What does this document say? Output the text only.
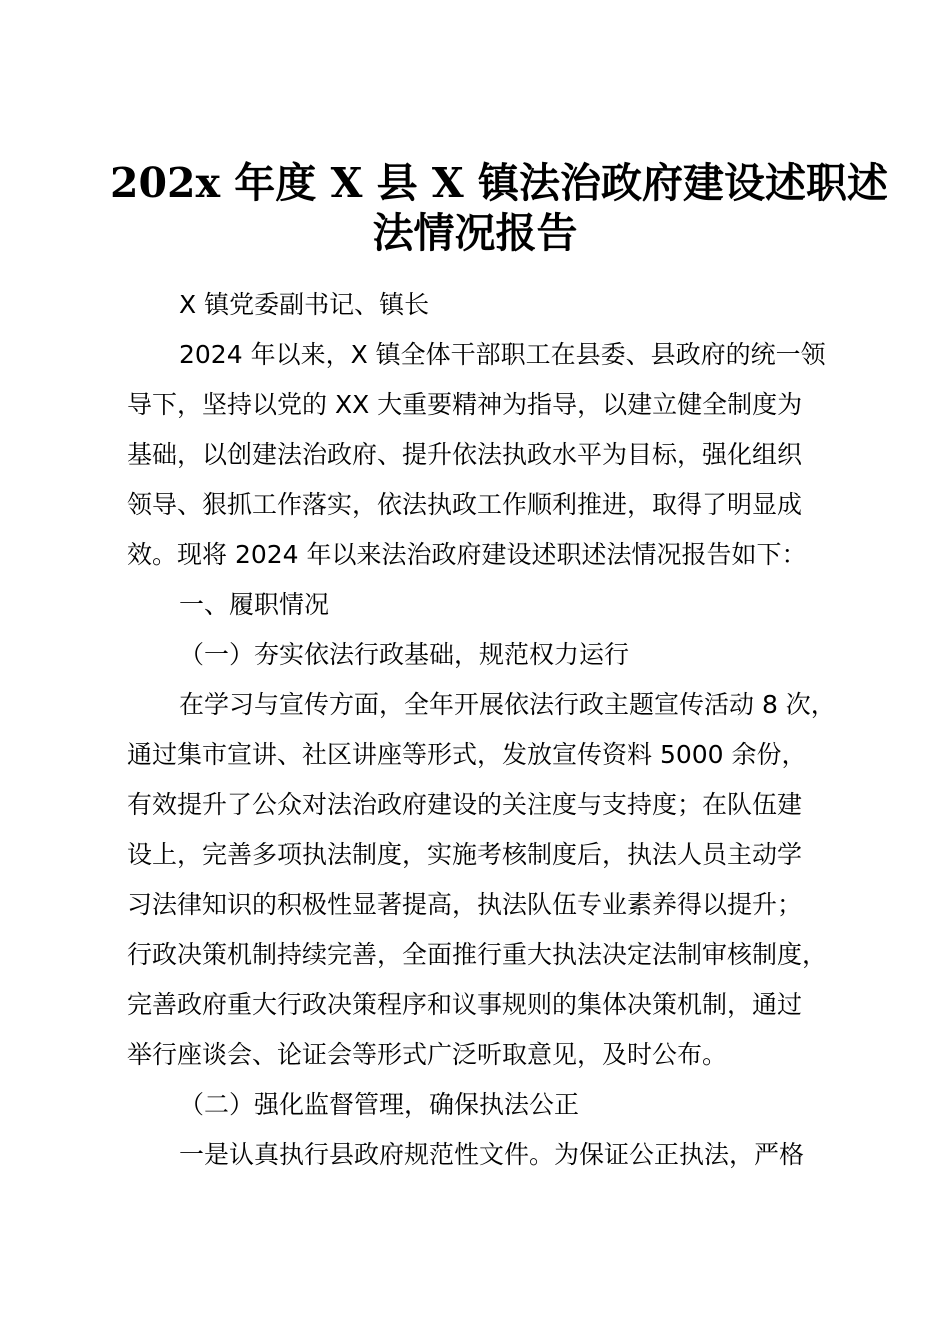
202x 年度 X 县 X 镇法治政府建设述职述
法情况报告

X 镇党委副书记、镇长

2024 年以来，X 镇全体干部职工在县委、县政府的统一领

导下，坚持以党的 XX 大重要精神为指导，以建立健全制度为

基础，以创建法治政府、提升依法执政水平为目标，强化组织

领导、狠抓工作落实，依法执政工作顺利推进，取得了明显成

效。现将 2024 年以来法治政府建设述职述法情况报告如下：

一、履职情况

（一）夯实依法行政基础，规范权力运行

在学习与宣传方面，全年开展依法行政主题宣传活动 8 次，

通过集市宣讲、社区讲座等形式，发放宣传资料 5000 余份，

有效提升了公众对法治政府建设的关注度与支持度；在队伍建

设上，完善多项执法制度，实施考核制度后，执法人员主动学

习法律知识的积极性显著提高，执法队伍专业素养得以提升；

行政决策机制持续完善，全面推行重大执法决定法制审核制度，

完善政府重大行政决策程序和议事规则的集体决策机制，通过

举行座谈会、论证会等形式广泛听取意见，及时公布。

（二）强化监督管理，确保执法公正

一是认真执行县政府规范性文件。为保证公正执法，严格
